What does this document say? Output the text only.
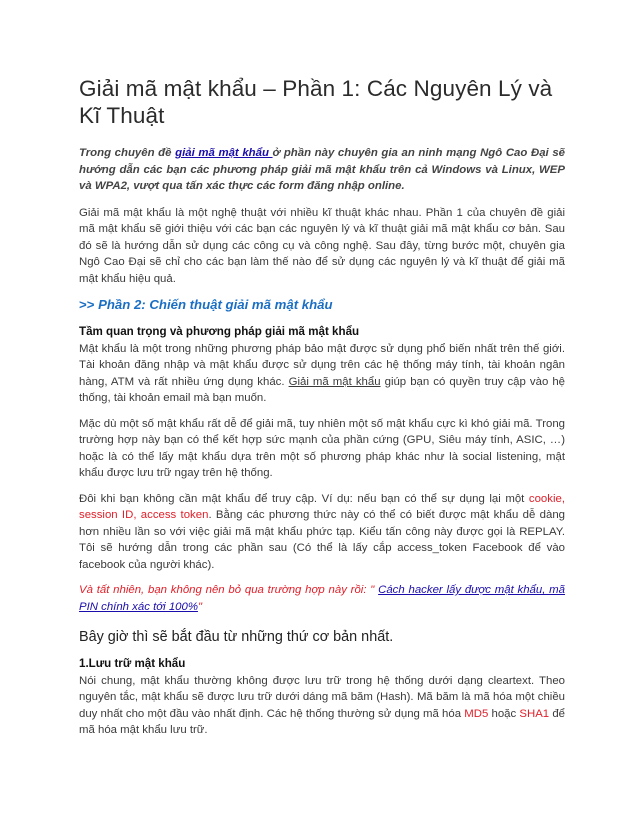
Giải mã mật khẩu – Phần 1: Các Nguyên Lý và Kĩ Thuật

Trong chuyên đề giải mã mật khẩu ở phần này chuyên gia an ninh mạng Ngô Cao Đại sẽ hướng dẫn các bạn các phương pháp giải mã mật khẩu trên cả Windows và Linux, WEP và WPA2, vượt qua tấn xác thực các form đăng nhập online.

Giải mã mật khẩu là một nghệ thuật với nhiều kĩ thuật khác nhau. Phần 1 của chuyên đề giải mã mật khẩu sẽ giới thiệu với các bạn các nguyên lý và kĩ thuật giải mã mật khẩu cơ bản. Sau đó sẽ là hướng dẫn sử dụng các công cụ và công nghệ. Sau đây, từng bước một, chuyên gia Ngô Cao Đại sẽ chỉ cho các bạn làm thế nào để sử dụng các nguyên lý và kĩ thuật để giải mã mật khẩu hiệu quả.

>> Phần 2: Chiến thuật giải mã mật khẩu
Tầm quan trọng và phương pháp giải mã mật khẩu

Mật khẩu là một trong những phương pháp bảo mật được sử dụng phổ biến nhất trên thế giới. Tài khoản đăng nhập và mật khẩu được sử dụng trên các hệ thống máy tính, tài khoản ngân hàng, ATM và rất nhiều ứng dụng khác. Giải mã mật khẩu giúp bạn có quyền truy cập vào hệ thống, tài khoản email mà bạn muốn.

Mặc dù một số mật khẩu rất dễ để giải mã, tuy nhiên một số mật khẩu cực kì khó giải mã. Trong trường hợp này bạn có thể kết hợp sức mạnh của phần cứng (GPU, Siêu máy tính, ASIC, …) hoặc là có thể lấy mật khẩu dựa trên một số phương pháp khác như là social listening, mật khẩu được lưu trữ ngay trên hệ thống.

Đôi khi bạn không cần mật khẩu để truy cập. Ví dụ: nếu bạn có thể sự dụng lại một cookie, session ID, access token. Bằng các phương thức này có thể có biết được mật khẩu dễ dàng hơn nhiều lần so với việc giải mã mật khẩu phức tạp. Kiểu tấn công này được gọi là REPLAY. Tôi sẽ hướng dẫn trong các phần sau (Có thể là lấy cắp access_token Facebook để vào facebook của người khác).

Và tất nhiên, bạn không nên bỏ qua trường hợp này rồi: " Cách hacker lấy được mật khẩu, mã PIN chính xác tới 100%"

Bây giờ thì sẽ bắt đầu từ những thứ cơ bản nhất.
1.Lưu trữ mật khẩu

Nói chung, mật khẩu thường không được lưu trữ trong hệ thống dưới dạng cleartext. Theo nguyên tắc, mật khẩu sẽ được lưu trữ dưới dáng mã băm (Hash). Mã băm là mã hóa một chiều duy nhất cho một đầu vào nhất định. Các hệ thống thường sử dụng mã hóa MD5 hoặc SHA1 để mã hóa mật khẩu lưu trữ.
